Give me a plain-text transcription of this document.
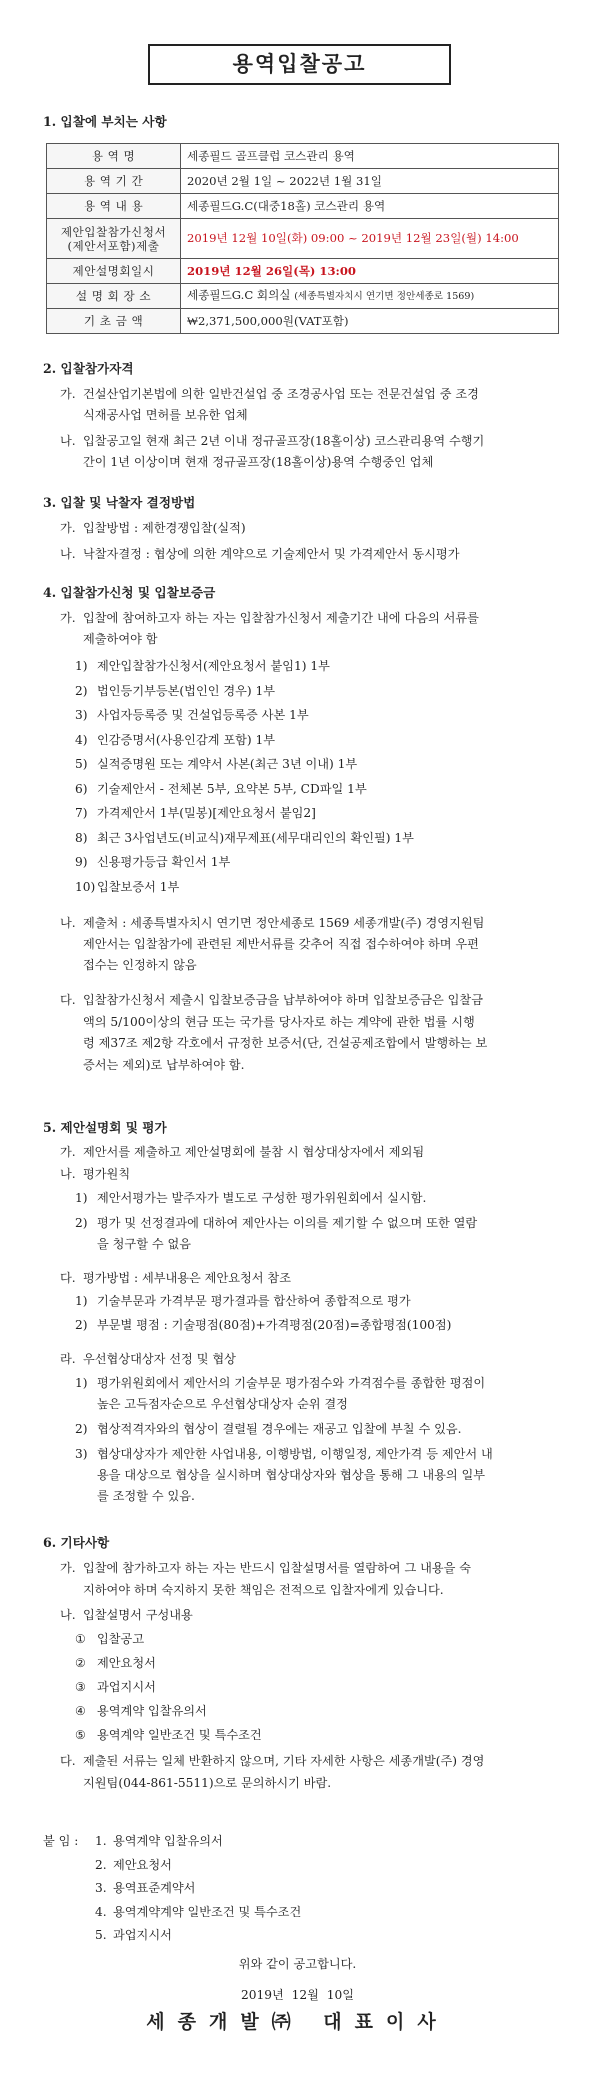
용역입찰공고
1. 입찰에 부치는 사항
용 역 명	세종필드 골프클럽 코스관리 용역
용 역 기 간	2020년 2월 1일 ~ 2022년 1월 31일
용 역 내 용	세종필드G.C(대중18홀) 코스관리 용역
제안입찰참가신청서
(제안서포함)제출	2019년 12월 10일(화) 09:00 ~ 2019년 12월 23일(월) 14:00
제안설명회일시	2019년 12월 26일(목) 13:00
설 명 회 장 소	세종필드G.C 회의실 (세종특별자치시 연기면 정안세종로 1569)
기 초 금 액	₩2,371,500,000원(VAT포함)
2. 입찰참가자격
가. 건설산업기본법에 의한 일반건설업 중 조경공사업 또는 전문건설업 중 조경
식재공사업 면허를 보유한 업체
나. 입찰공고일 현재 최근 2년 이내 정규골프장(18홀이상) 코스관리용역 수행기
간이 1년 이상이며 현재 정규골프장(18홀이상)용역 수행중인 업체
3. 입찰 및 낙찰자 결정방법
가. 입찰방법 : 제한경쟁입찰(실적)
나. 낙찰자결정 : 협상에 의한 계약으로 기술제안서 및 가격제안서 동시평가
4. 입찰참가신청 및 입찰보증금
가. 입찰에 참여하고자 하는 자는 입찰참가신청서 제출기간 내에 다음의 서류를
제출하여야 함
1) 제안입찰참가신청서(제안요청서 붙임1) 1부
2) 법인등기부등본(법인인 경우) 1부
3) 사업자등록증 및 건설업등록증 사본 1부
4) 인감증명서(사용인감계 포함) 1부
5) 실적증명원 또는 계약서 사본(최근 3년 이내) 1부
6) 기술제안서 - 전체본 5부, 요약본 5부, CD파일 1부
7) 가격제안서 1부(밀봉)[제안요청서 붙임2]
8) 최근 3사업년도(비교식)재무제표(세무대리인의 확인필) 1부
9) 신용평가등급 확인서 1부
10) 입찰보증서 1부
나. 제출처 : 세종특별자치시 연기면 정안세종로 1569 세종개발(주) 경영지원팀
제안서는 입찰참가에 관련된 제반서류를 갖추어 직접 접수하여야 하며 우편
접수는 인정하지 않음
다. 입찰참가신청서 제출시 입찰보증금을 납부하여야 하며 입찰보증금은 입찰금
액의 5/100이상의 현금 또는 국가를 당사자로 하는 계약에 관한 법률 시행
령 제37조 제2항 각호에서 규정한 보증서(단, 건설공제조합에서 발행하는 보
증서는 제외)로 납부하여야 함.
5. 제안설명회 및 평가
가. 제안서를 제출하고 제안설명회에 불참 시 협상대상자에서 제외됨
나. 평가원칙
1) 제안서평가는 발주자가 별도로 구성한 평가위원회에서 실시함.
2) 평가 및 선정결과에 대하여 제안사는 이의를 제기할 수 없으며 또한 열람
을 청구할 수 없음
다. 평가방법 : 세부내용은 제안요청서 참조
1) 기술부문과 가격부문 평가결과를 합산하여 종합적으로 평가
2) 부문별 평점 : 기술평점(80점)+가격평점(20점)=종합평점(100점)
라. 우선협상대상자 선정 및 협상
1) 평가위원회에서 제안서의 기술부문 평가점수와 가격점수를 종합한 평점이
높은 고득점자순으로 우선협상대상자 순위 결정
2) 협상적격자와의 협상이 결렬될 경우에는 재공고 입찰에 부칠 수 있음.
3) 협상대상자가 제안한 사업내용, 이행방법, 이행일정, 제안가격 등 제안서 내
용을 대상으로 협상을 실시하며 협상대상자와 협상을 통해 그 내용의 일부
를 조정할 수 있음.
6. 기타사항
가. 입찰에 참가하고자 하는 자는 반드시 입찰설명서를 열람하여 그 내용을 숙
지하여야 하며 숙지하지 못한 책임은 전적으로 입찰자에게 있습니다.
나. 입찰설명서 구성내용
① 입찰공고
② 제안요청서
③ 과업지시서
④ 용역계약 입찰유의서
⑤ 용역계약 일반조건 및 특수조건
다. 제출된 서류는 일체 반환하지 않으며, 기타 자세한 사항은 세종개발(주) 경영
지원팀(044-861-5511)으로 문의하시기 바람.
붙 임 :	1. 용역계약 입찰유의서
2. 제안요청서
3. 용역표준계약서
4. 용역계약계약 일반조건 및 특수조건
5. 과업지시서
위와 같이 공고합니다.
2019년 12월 10일
세종개발㈜ 대표이사
